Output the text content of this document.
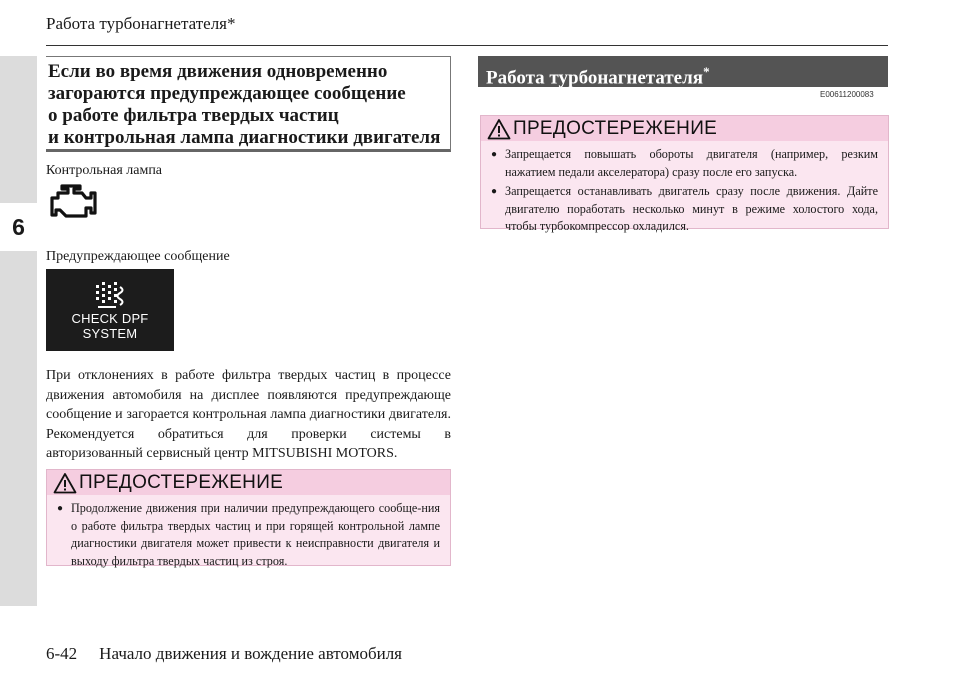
6
Работа турбонагнетателя*

Если во время движения одновременно

загораются предупреждающее сообщение

о работе фильтра твердых частиц

и контрольная лампа диагностики двигателя

Контрольная лампа
Предупреждающее сообщение
CHECK DPF SYSTEM

При отклонениях в работе фильтра твердых частиц в процессе движения автомобиля на дисплее появляются предупреждающе сообщение и загорается контрольная лампа диагностики двигателя. Рекомендуется обратиться для проверки системы в авторизованный сервисный центр MITSUBISHI MOTORS.

ПРЕДОСТЕРЕЖЕНИЕ
● Продолжение движения при наличии предупреждающего сообще-ния о работе фильтра твердых частиц и при горящей контрольной лампе диагностики двигателя может привести к неисправности двигателя и выходу фильтра твердых частиц из строя.
Работа турбонагнетателя*
E00611200083
ПРЕДОСТЕРЕЖЕНИЕ
● Запрещается повышать обороты двигателя (например, резким нажатием педали акселератора) сразу после его запуска.
● Запрещается останавливать двигатель сразу после движения. Дайте двигателю поработать несколько минут в режиме холостого хода, чтобы турбокомпрессор охладился.
6-42 Начало движения и вождение автомобиля
